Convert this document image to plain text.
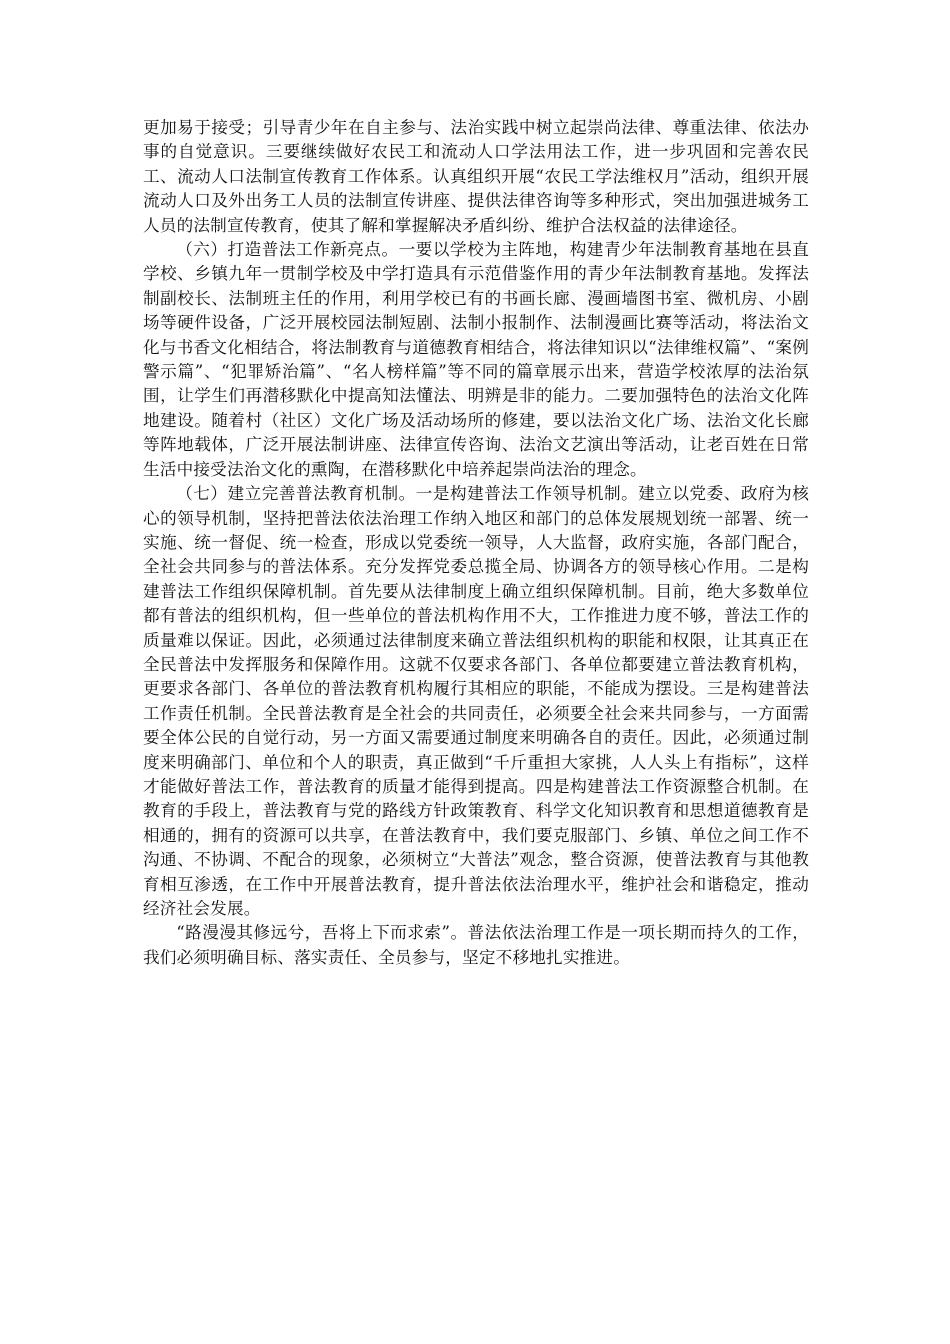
更加易于接受；引导青少年在自主参与、法治实践中树立起崇尚法律、尊重法律、依法办事的自觉意识。三要继续做好农民工和流动人口学法用法工作，进一步巩固和完善农民工、流动人口法制宣传教育工作体系。认真组织开展“农民工学法维权月”活动，组织开展流动人口及外出务工人员的法制宣传讲座、提供法律咨询等多种形式，突出加强进城务工人员的法制宣传教育，使其了解和掌握解决矛盾纠纷、维护合法权益的法律途径。

（六）打造普法工作新亮点。一要以学校为主阵地，构建青少年法制教育基地在县直学校、乡镇九年一贯制学校及中学打造具有示范借鉴作用的青少年法制教育基地。发挥法制副校长、法制班主任的作用，利用学校已有的书画长廊、漫画墙图书室、微机房、小剧场等硬件设备，广泛开展校园法制短剧、法制小报制作、法制漫画比赛等活动，将法治文化与书香文化相结合，将法制教育与道德教育相结合，将法律知识以“法律维权篇”、“案例警示篇”、“犯罪矫治篇”、“名人榜样篇”等不同的篇章展示出来，营造学校浓厚的法治氛围，让学生们再潜移默化中提高知法懂法、明辨是非的能力。二要加强特色的法治文化阵地建设。随着村（社区）文化广场及活动场所的修建，要以法治文化广场、法治文化长廊等阵地载体，广泛开展法制讲座、法律宣传咨询、法治文艺演出等活动，让老百姓在日常生活中接受法治文化的熏陶，在潜移默化中培养起崇尚法治的理念。

（七）建立完善普法教育机制。一是构建普法工作领导机制。建立以党委、政府为核心的领导机制，坚持把普法依法治理工作纳入地区和部门的总体发展规划统一部署、统一实施、统一督促、统一检查，形成以党委统一领导，人大监督，政府实施，各部门配合，全社会共同参与的普法体系。充分发挥党委总揽全局、协调各方的领导核心作用。二是构建普法工作组织保障机制。首先要从法律制度上确立组织保障机制。目前，绝大多数单位都有普法的组织机构，但一些单位的普法机构作用不大，工作推进力度不够，普法工作的质量难以保证。因此，必须通过法律制度来确立普法组织机构的职能和权限，让其真正在全民普法中发挥服务和保障作用。这就不仅要求各部门、各单位都要建立普法教育机构，更要求各部门、各单位的普法教育机构履行其相应的职能，不能成为摆设。三是构建普法工作责任机制。全民普法教育是全社会的共同责任，必须要全社会来共同参与，一方面需要全体公民的自觉行动，另一方面又需要通过制度来明确各自的责任。因此，必须通过制度来明确部门、单位和个人的职责，真正做到“千斤重担大家挑，人人头上有指标”，这样才能做好普法工作，普法教育的质量才能得到提高。四是构建普法工作资源整合机制。在教育的手段上，普法教育与党的路线方针政策教育、科学文化知识教育和思想道德教育是相通的，拥有的资源可以共享，在普法教育中，我们要克服部门、乡镇、单位之间工作不沟通、不协调、不配合的现象，必须树立“大普法”观念，整合资源，使普法教育与其他教育相互渗透，在工作中开展普法教育，提升普法依法治理水平，维护社会和谐稳定，推动经济社会发展。

“路漫漫其修远兮，吾将上下而求索”。普法依法治理工作是一项长期而持久的工作，我们必须明确目标、落实责任、全员参与，坚定不移地扎实推进。
